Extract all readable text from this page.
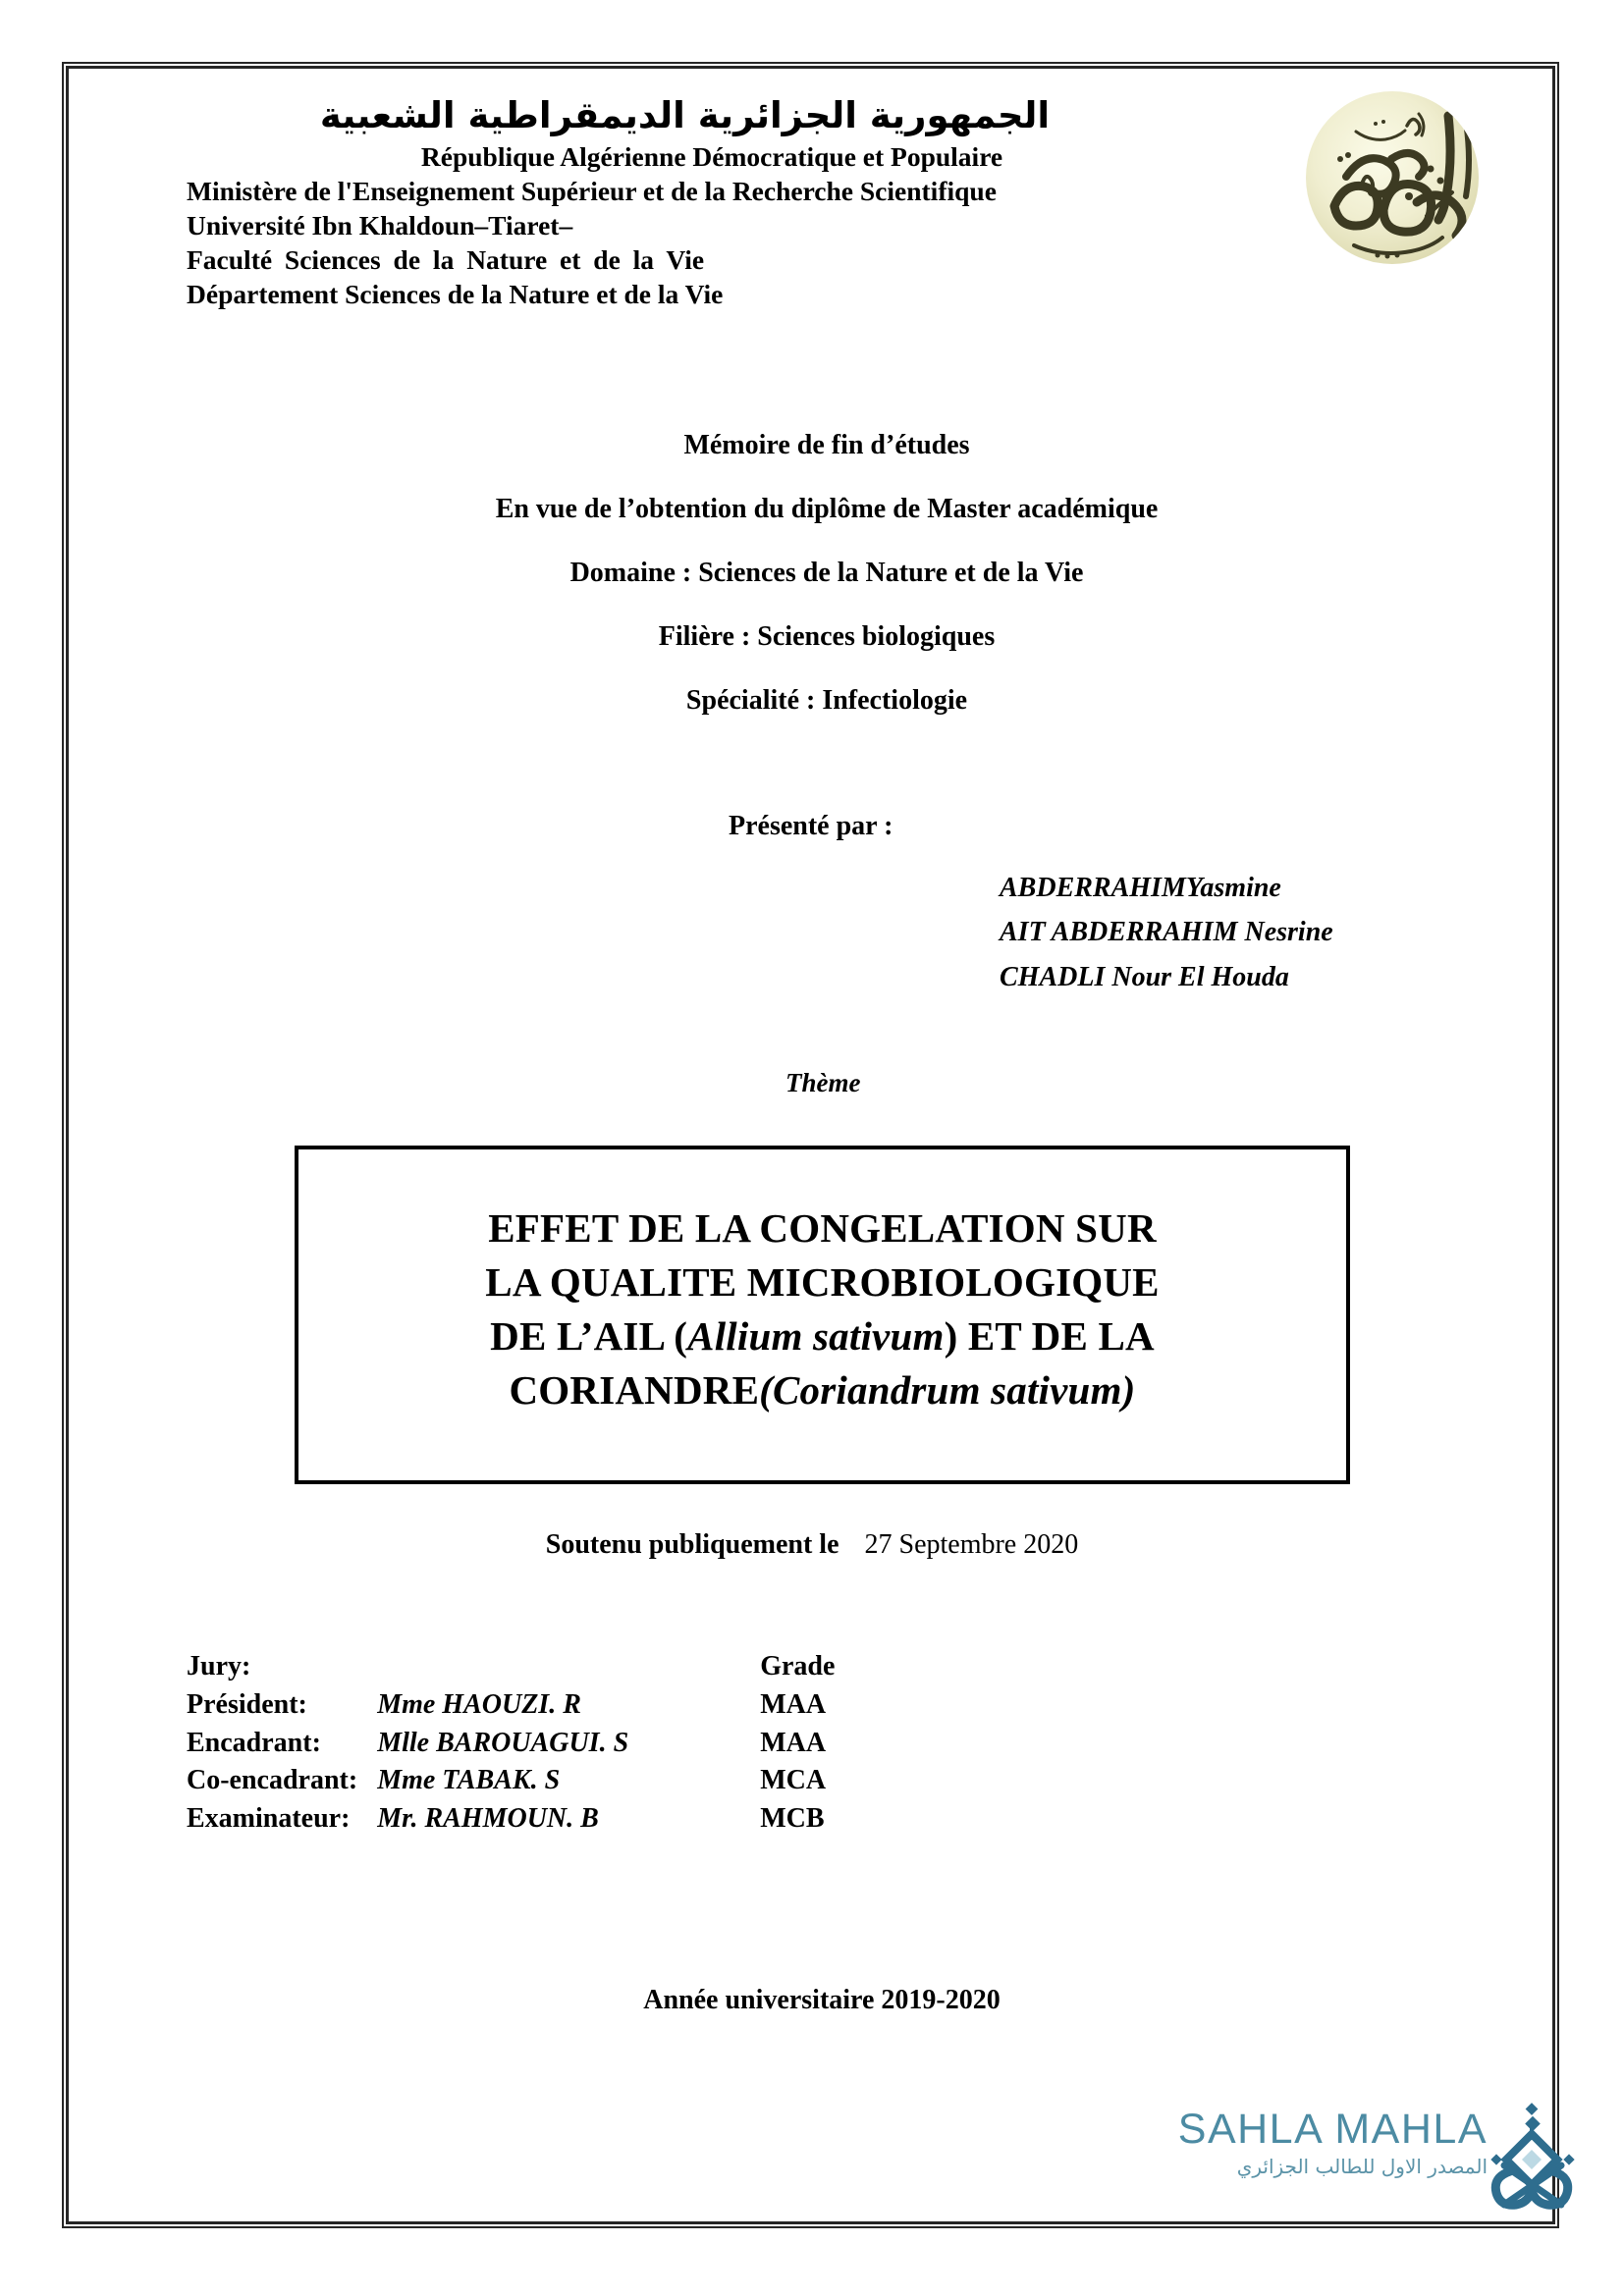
الجمهورية الجزائرية الديمقراطية الشعبية
République Algérienne Démocratique et Populaire
Ministère de l'Enseignement Supérieur et de la Recherche Scientifique
Université Ibn Khaldoun–Tiaret–
Faculté Sciences de la Nature et de la Vie
Département Sciences de la Nature et de la Vie
Mémoire de fin d’études
En vue de l’obtention du diplôme de Master académique
Domaine : Sciences de la Nature et de la Vie
Filière : Sciences biologiques
Spécialité : Infectiologie
Présenté par :
ABDERRAHIMYasmine
AIT ABDERRAHIM Nesrine
CHADLI Nour El Houda
Thème
EFFET DE LA CONGELATION SUR
LA QUALITE MICROBIOLOGIQUE
DE L’AIL (Allium sativum) ET DE LA
CORIANDRE(Coriandrum sativum)
Soutenu publiquement le 27 Septembre 2020
Jury:		Grade
Président:	Mme HAOUZI. R	MAA
Encadrant:	Mlle BAROUAGUI. S	MAA
Co-encadrant:	Mme TABAK. S	MCA
Examinateur:	Mr. RAHMOUN. B	MCB
Année universitaire 2019-2020
SAHLA MAHLA
المصدر الاول للطالب الجزائري
